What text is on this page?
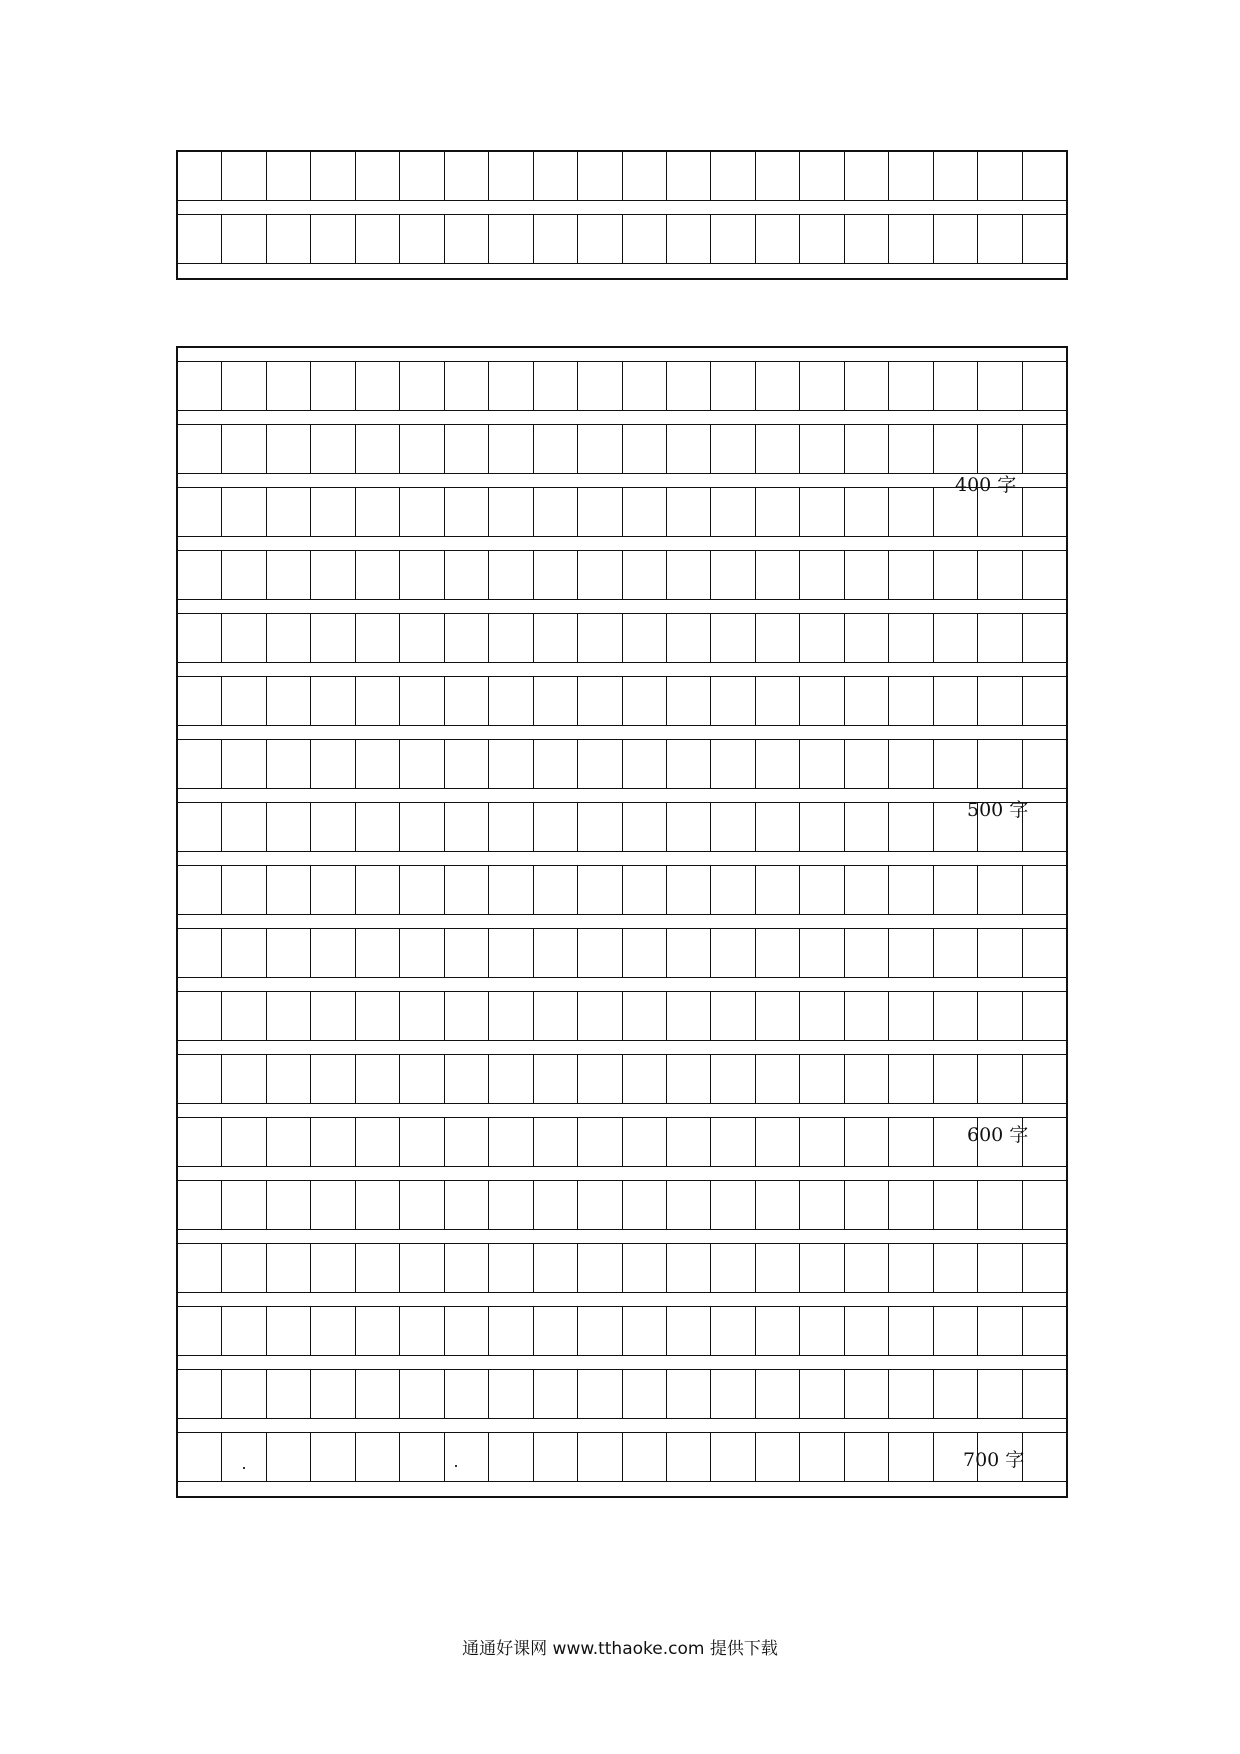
400 字
500 字
600 字
700 字
通通好课网 www.tthaoke.com 提供下载
